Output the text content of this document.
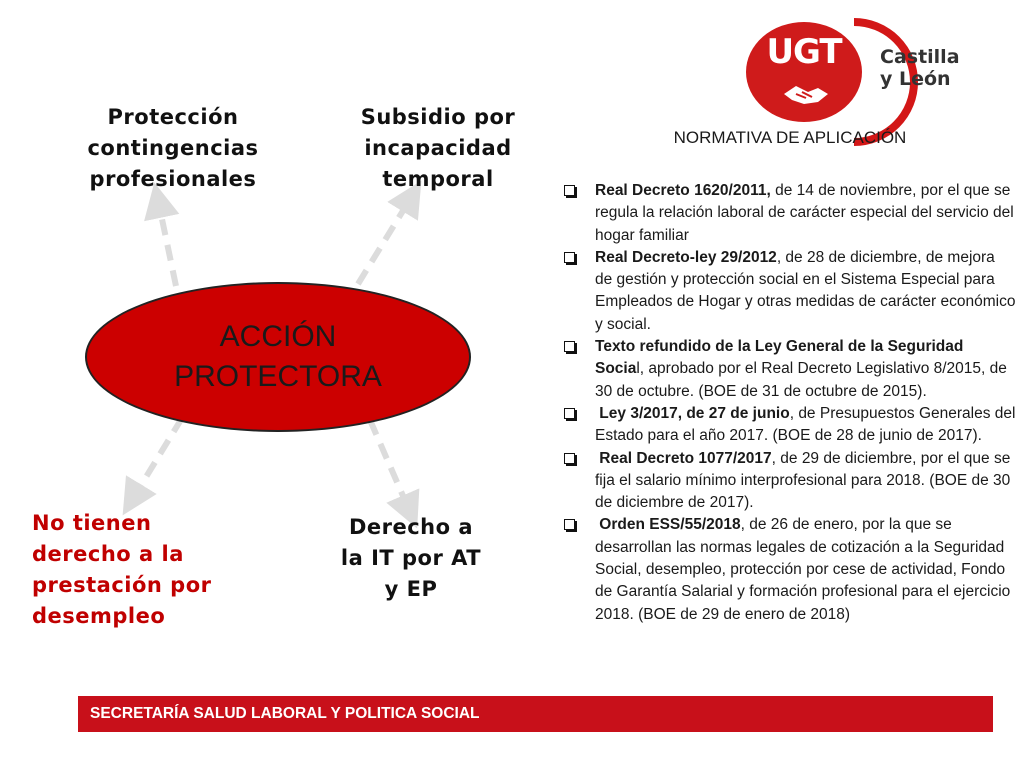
UGT	Castilla
y León
Protección
contingencias
profesionales
Subsidio por
incapacidad
temporal
ACCIÓN
PROTECTORA
No tienen
derecho a la
prestación por
desempleo
Derecho a
la IT por AT
y EP
NORMATIVA DE APLICACIÓN
Real Decreto 1620/2011, de 14 de noviembre, por el que se regula la relación laboral de carácter especial del servicio del hogar familiar
Real Decreto-ley 29/2012, de 28 de diciembre, de mejora de gestión y protección social en el Sistema Especial para Empleados de Hogar y otras medidas de carácter económico y social.
Texto refundido de la Ley General de la Seguridad Social, aprobado por el Real Decreto Legislativo 8/2015, de 30 de octubre. (BOE de 31 de octubre de 2015).
Ley 3/2017, de 27 de junio, de Presupuestos Generales del Estado para el año 2017. (BOE de 28 de junio de 2017).
Real Decreto 1077/2017, de 29 de diciembre, por el que se fija el salario mínimo interprofesional para 2018. (BOE de 30 de diciembre de 2017).
Orden ESS/55/2018, de 26 de enero, por la que se desarrollan las normas legales de cotización a la Seguridad Social, desempleo, protección por cese de actividad, Fondo de Garantía Salarial y formación profesional para el ejercicio 2018. (BOE de 29 de enero de 2018)
SECRETARÍA SALUD LABORAL Y POLITICA SOCIAL
